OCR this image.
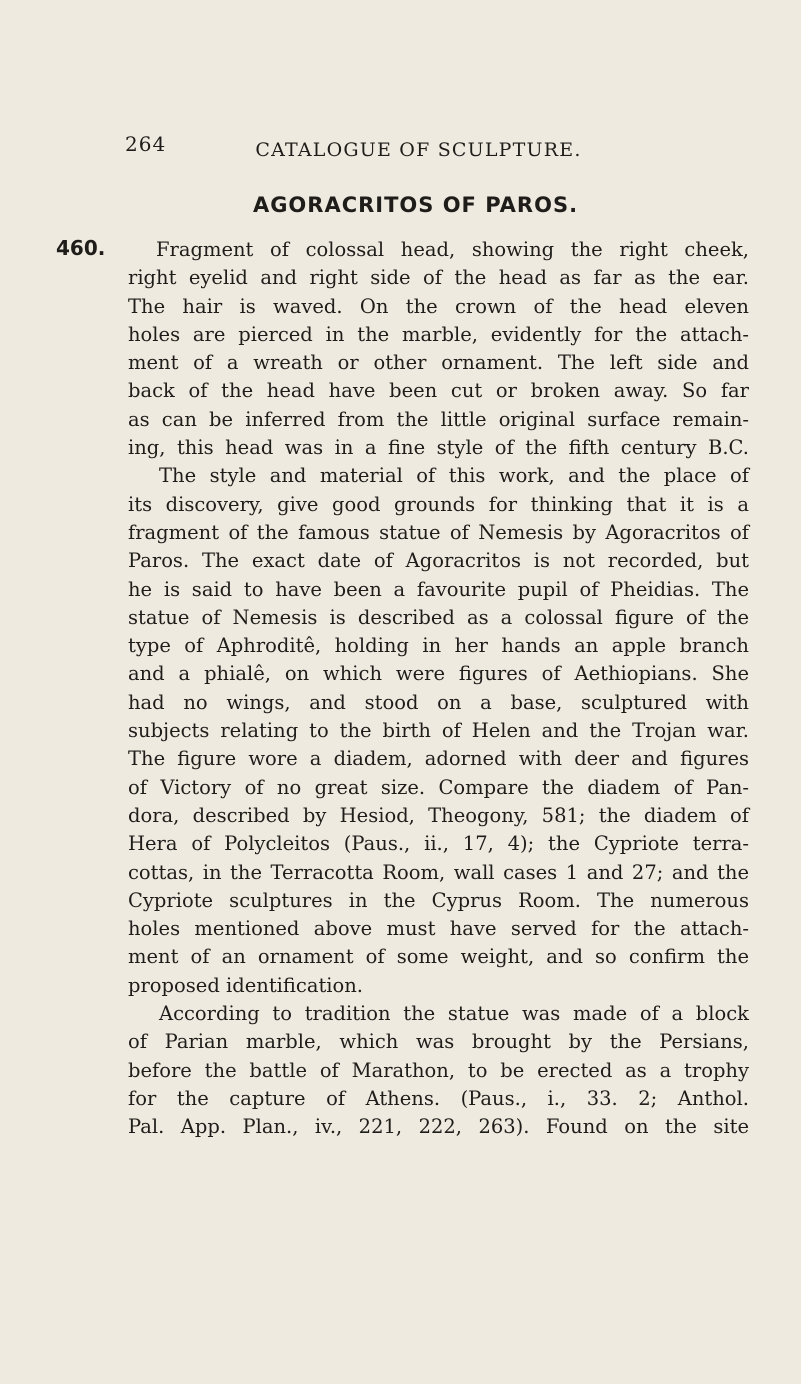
264	CATALOGUE OF SCULPTURE.
AGORACRITOS OF PAROS.
460.	Fragment of colossal head, showing the right cheek,
right eyelid and right side of the head as far as the ear.
The hair is waved. On the crown of the head eleven
holes are pierced in the marble, evidently for the attach-
ment of a wreath or other ornament. The left side and
back of the head have been cut or broken away. So far
as can be inferred from the little original surface remain-
ing, this head was in a fine style of the fifth century B.C.
The style and material of this work, and the place of
its discovery, give good grounds for thinking that it is a
fragment of the famous statue of Nemesis by Agoracritos of
Paros. The exact date of Agoracritos is not recorded, but
he is said to have been a favourite pupil of Pheidias. The
statue of Nemesis is described as a colossal figure of the
type of Aphroditê, holding in her hands an apple branch
and a phialê, on which were figures of Aethiopians. She
had no wings, and stood on a base, sculptured with
subjects relating to the birth of Helen and the Trojan war.
The figure wore a diadem, adorned with deer and figures
of Victory of no great size. Compare the diadem of Pan-
dora, described by Hesiod, Theogony, 581; the diadem of
Hera of Polycleitos (Paus., ii., 17, 4); the Cypriote terra-
cottas, in the Terracotta Room, wall cases 1 and 27; and the
Cypriote sculptures in the Cyprus Room. The numerous
holes mentioned above must have served for the attach-
ment of an ornament of some weight, and so confirm the
proposed identification.
According to tradition the statue was made of a block
of Parian marble, which was brought by the Persians,
before the battle of Marathon, to be erected as a trophy
for the capture of Athens. (Paus., i., 33. 2; Anthol.
Pal. App. Plan., iv., 221, 222, 263). Found on the site
